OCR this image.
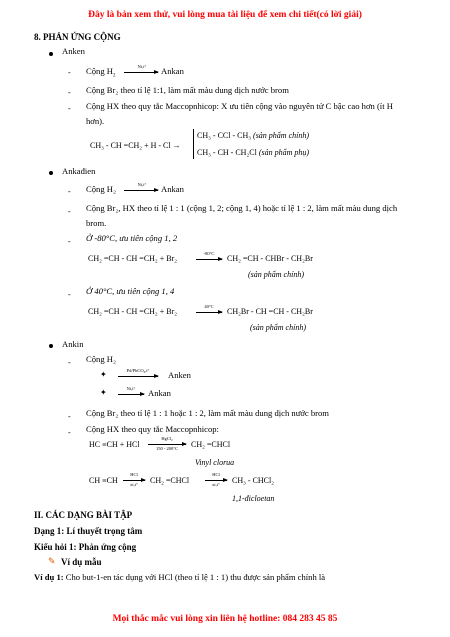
Đây là bản xem thử, vui lòng mua tài liệu để xem chi tiết(có lời giải)
8. PHẢN ỨNG CỘNG
Anken
- Cộng $H_2$
Ni,t°	Ankan
- Cộng Br₂ theo tỉ lệ 1:1, làm mất màu dung dịch nước brom
- Cộng HX theo quy tắc Maccopnhicop: X ưu tiên cộng vào nguyên tử C bậc cao hơn (ít H
hơn).
CH₃ - CH =CH₂ + H - Cl →
CH₃ - CCl - CH₃ (sản phẩm chính)
CH₃ - CH - CH₂Cl (sản phẩm phụ)
Ankađien
- Cộng H₂	Ni,t°	Ankan
- Cộng Br₂, HX theo tỉ lệ 1 : 1 (cộng 1, 2; cộng 1, 4) hoặc tỉ lệ 1 : 2, làm mất màu dung dịch
brom.
- Ở -80°C, ưu tiên cộng 1, 2
CH₂ =CH - CH =CH₂ + Br₂
-80°C
CH₂ =CH - CHBr - CH₂Br
(sản phẩm chính)
- Ở 40°C, ưu tiên cộng 1, 4
CH₂ =CH - CH =CH₂ + Br₂
40°C
CH₂Br - CH =CH - CH₂Br
(sản phẩm chính)
Ankin
- Cộng H₂
✦	Pd/PbCO₃,t°	Anken
✦	Ni,t°	Ankan
- Cộng Br₂ theo tỉ lệ 1 : 1 hoặc 1 : 2, làm mất màu dung dịch nước brom
- Cộng HX theo quy tắc Maccopnhicop:
HC ≡CH + HCl
HgCl₂
150 - 200°C	CH₂ =CHCl
Vinyl clorua
CH ≡CH
HCl
xt,t°	CH₂ =CHCl
HCl
xt,t°	CH₃ - CHCl₂
1,1-đicloetan
II. CÁC DẠNG BÀI TẬP
Dạng 1: Lí thuyết trọng tâm
Kiểu hỏi 1: Phản ứng cộng
✎ Ví dụ mẫu
Ví dụ 1: Cho but-1-en tác dụng với HCl (theo tỉ lệ 1 : 1) thu được sản phẩm chính là
Mọi thắc mắc vui lòng xin liên hệ hotline: 084 283 45 85
